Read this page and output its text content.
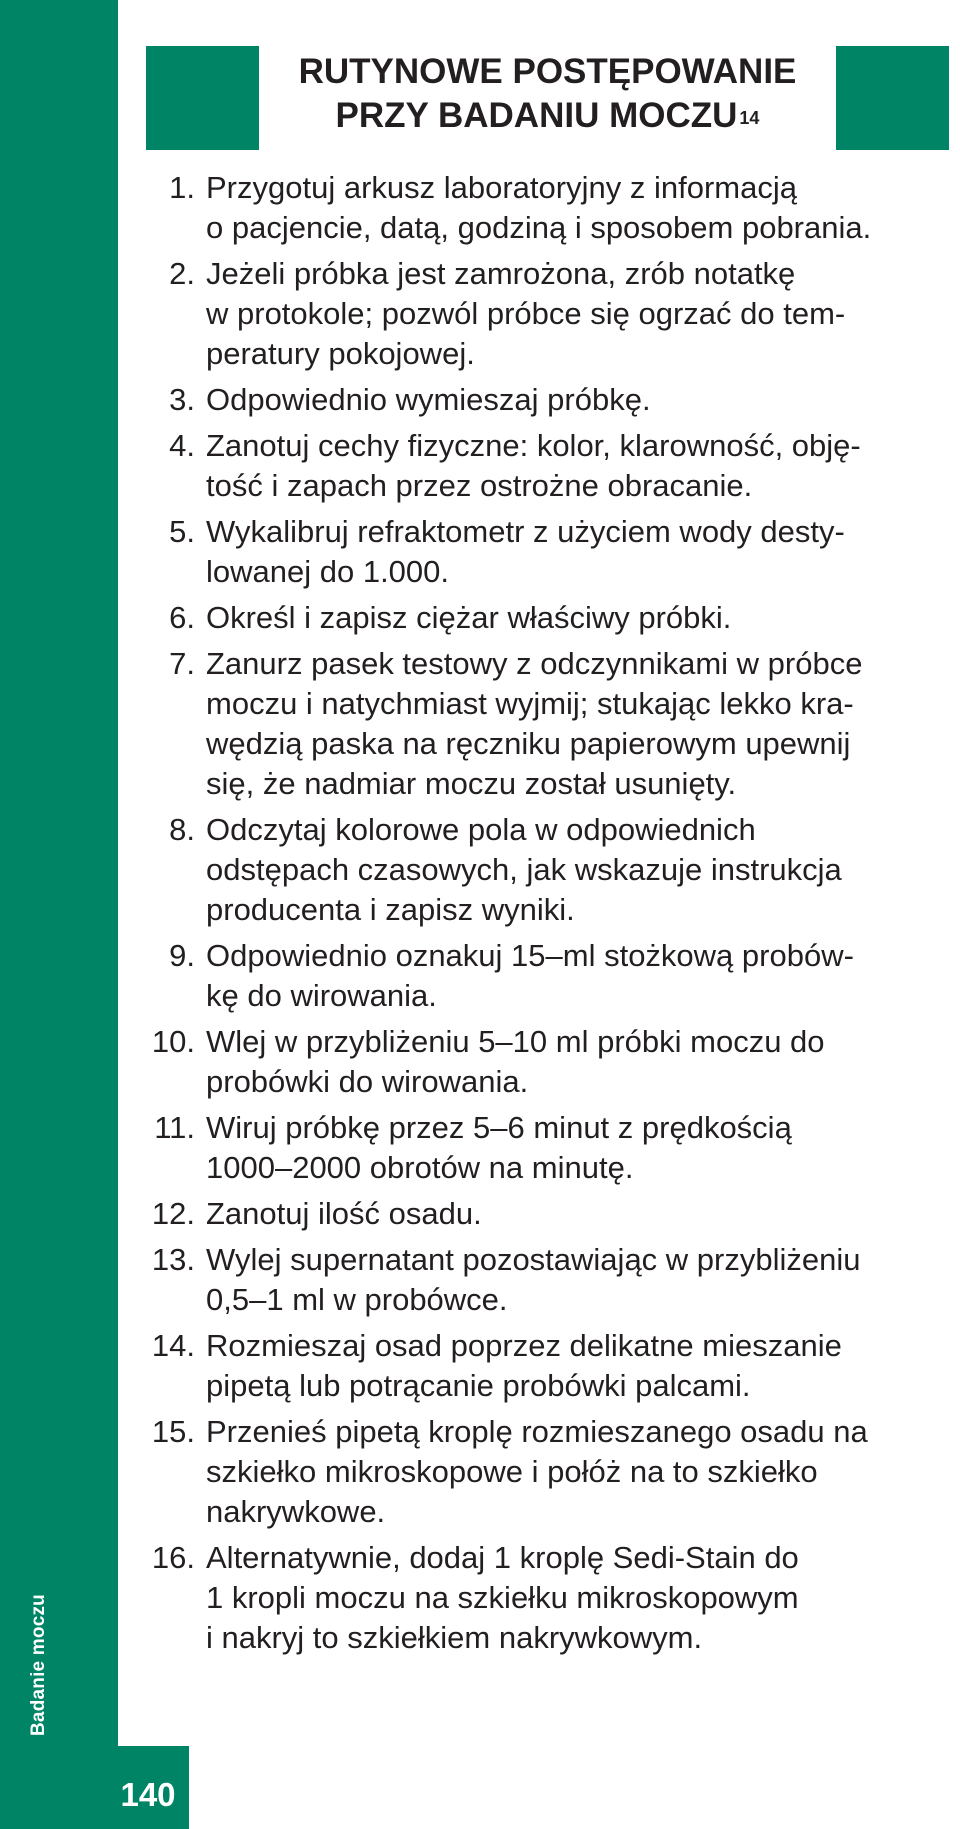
Badanie moczu
140
RUTYNOWE POSTĘPOWANIE
PRZY BADANIU MOCZU $^{14}$
1. Przygotuj arkusz laboratoryjny z informacją
o pacjencie, datą, godziną i sposobem pobrania.
2. Jeżeli próbka jest zamrożona, zrób notatkę
w protokole; pozwól próbce się ogrzać do tem-
peratury pokojowej.
3. Odpowiednio wymieszaj próbkę.
4. Zanotuj cechy fizyczne: kolor, klarowność, obję-
tość i zapach przez ostrożne obracanie.
5. Wykalibruj refraktometr z użyciem wody desty-
lowanej do 1.000.
6. Określ i zapisz ciężar właściwy próbki.
7. Zanurz pasek testowy z odczynnikami w próbce
moczu i natychmiast wyjmij; stukając lekko kra-
wędzią paska na ręczniku papierowym upewnij
się, że nadmiar moczu został usunięty.
8. Odczytaj kolorowe pola w odpowiednich
odstępach czasowych, jak wskazuje instrukcja
producenta i zapisz wyniki.
9. Odpowiednio oznakuj 15–ml stożkową probów-
kę do wirowania.
10. Wlej w przybliżeniu 5–10 ml próbki moczu do
probówki do wirowania.
11. Wiruj próbkę przez 5–6 minut z prędkością
1000–2000 obrotów na minutę.
12. Zanotuj ilość osadu.
13. Wylej supernatant pozostawiając w przybliżeniu
0,5–1 ml w probówce.
14. Rozmieszaj osad poprzez delikatne mieszanie
pipetą lub potrącanie probówki palcami.
15. Przenieś pipetą kroplę rozmieszanego osadu na
szkiełko mikroskopowe i połóż na to szkiełko
nakrywkowe.
16. Alternatywnie, dodaj 1 kroplę Sedi-Stain do
1 kropli moczu na szkiełku mikroskopowym
i nakryj to szkiełkiem nakrywkowym.
